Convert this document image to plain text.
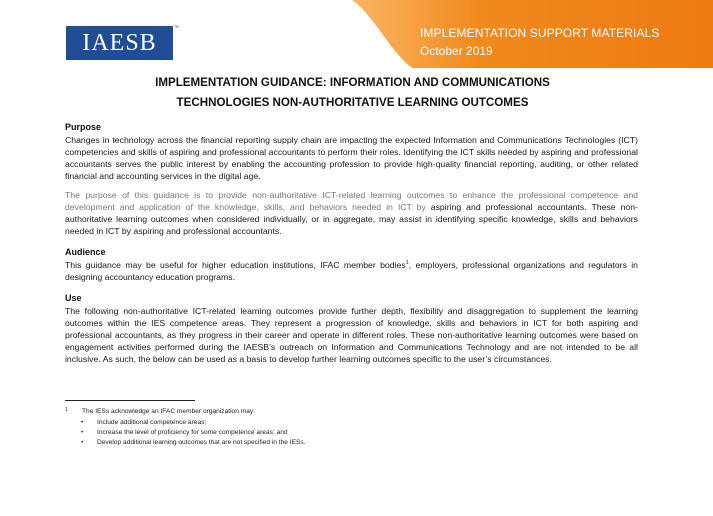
IAESB
™	IMPLEMENTATION SUPPORT MATERIALS
October 2019
IMPLEMENTATION GUIDANCE: INFORMATION AND COMMUNICATIONS
TECHNOLOGIES NON-AUTHORITATIVE LEARNING OUTCOMES
Purpose

Changes in technology across the financial reporting supply chain are impacting the expected Information and Communications Technologies (ICT) competencies and skills of aspiring and professional accountants to perform their roles. Identifying the ICT skills needed by aspiring and professional accountants serves the public interest by enabling the accounting profession to provide high-quality financial reporting, auditing, or other related financial and accounting services in the digital age.

The purpose of this guidance is to provide non-authoritative ICT-related learning outcomes to enhance the professional competence and development and application of the knowledge, skills, and behaviors needed in ICT by aspiring and professional accountants. These non-authoritative learning outcomes when considered individually, or in aggregate, may assist in identifying specific knowledge, skills and behaviors needed in ICT by aspiring and professional accountants.

Audience

This guidance may be useful for higher education institutions, IFAC member bodies$^1$, employers, professional organizations and regulators in designing accountancy education programs.

Use

The following non-authoritative ICT-related learning outcomes provide further depth, flexibility and disaggregation to supplement the learning outcomes within the IES competence areas. They represent a progression of knowledge, skills and behaviors in ICT for both aspiring and professional accountants, as they progress in their career and operate in different roles. These non-authoritative learning outcomes were based on engagement activities performed during the IAESB’s outreach on Information and Communications Technology and are not intended to be all inclusive. As such, the below can be used as a basis to develop further learning outcomes specific to the user’s circumstances.

1 The IESs acknowledge an IFAC member organization may:
• Include additional competence areas;
• Increase the level of proficiency for some competence areas; and
• Develop additional learning outcomes that are not specified in the IESs.
